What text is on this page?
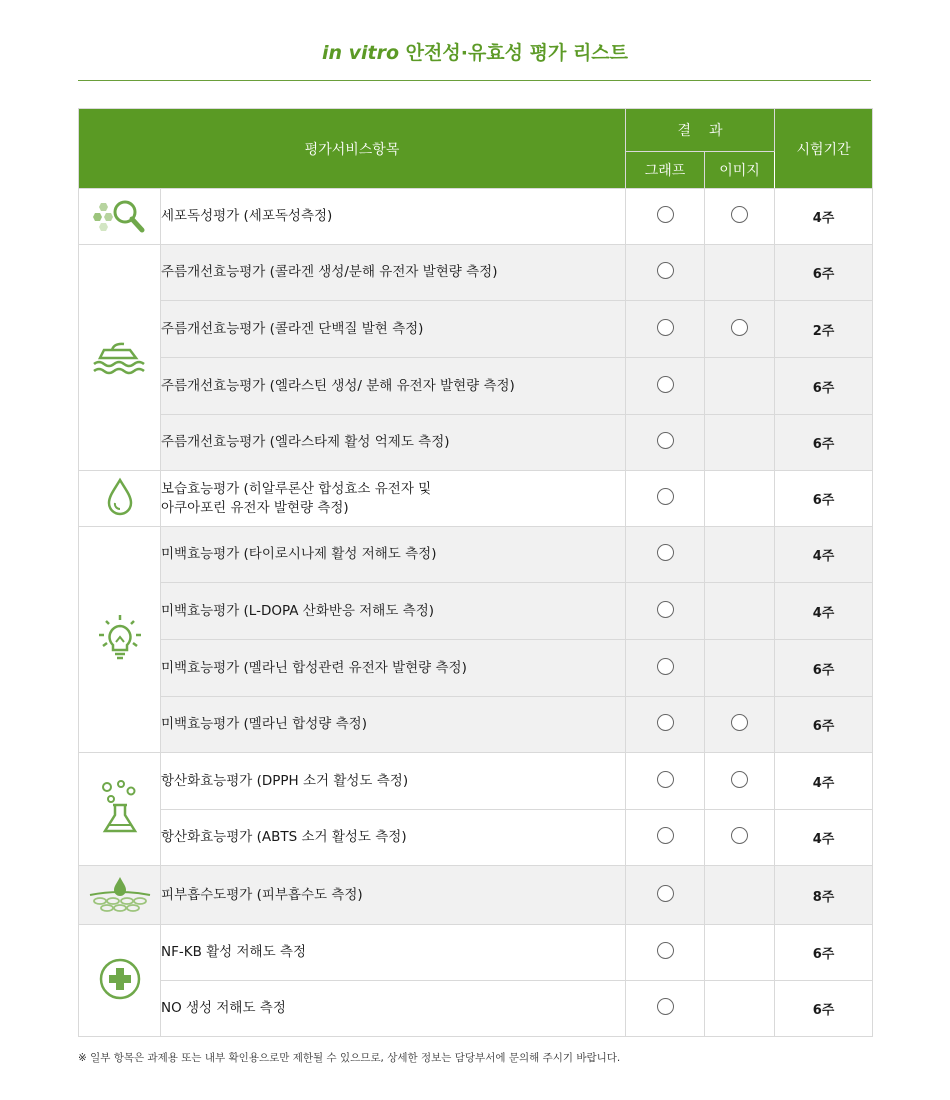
in vitro 안전성·유효성 평가 리스트
평가서비스항목		결과		시험기간
		그래프	이미지	
	세포독성평가 (세포독성측정)			4주
	주름개선효능평가 (콜라겐 생성/분해 유전자 발현량 측정)			6주
	주름개선효능평가 (콜라겐 단백질 발현 측정)			2주
	주름개선효능평가 (엘라스틴 생성/ 분해 유전자 발현량 측정)			6주
	주름개선효능평가 (엘라스타제 활성 억제도 측정)			6주
	보습효능평가 (히알루론산 합성효소 유전자 및
아쿠아포린 유전자 발현량 측정)			6주
	미백효능평가 (타이로시나제 활성 저해도 측정)			4주
	미백효능평가 (L-DOPA 산화반응 저해도 측정)			4주
	미백효능평가 (멜라닌 합성관련 유전자 발현량 측정)			6주
	미백효능평가 (멜라닌 합성량 측정)			6주
	항산화효능평가 (DPPH 소거 활성도 측정)			4주
	항산화효능평가 (ABTS 소거 활성도 측정)			4주
	피부흡수도평가 (피부흡수도 측정)			8주
	NF-KB 활성 저해도 측정			6주
	NO 생성 저해도 측정			6주
※ 일부 항목은 과제용 또는 내부 확인용으로만 제한될 수 있으므로, 상세한 정보는 담당부서에 문의해 주시기 바랍니다.
